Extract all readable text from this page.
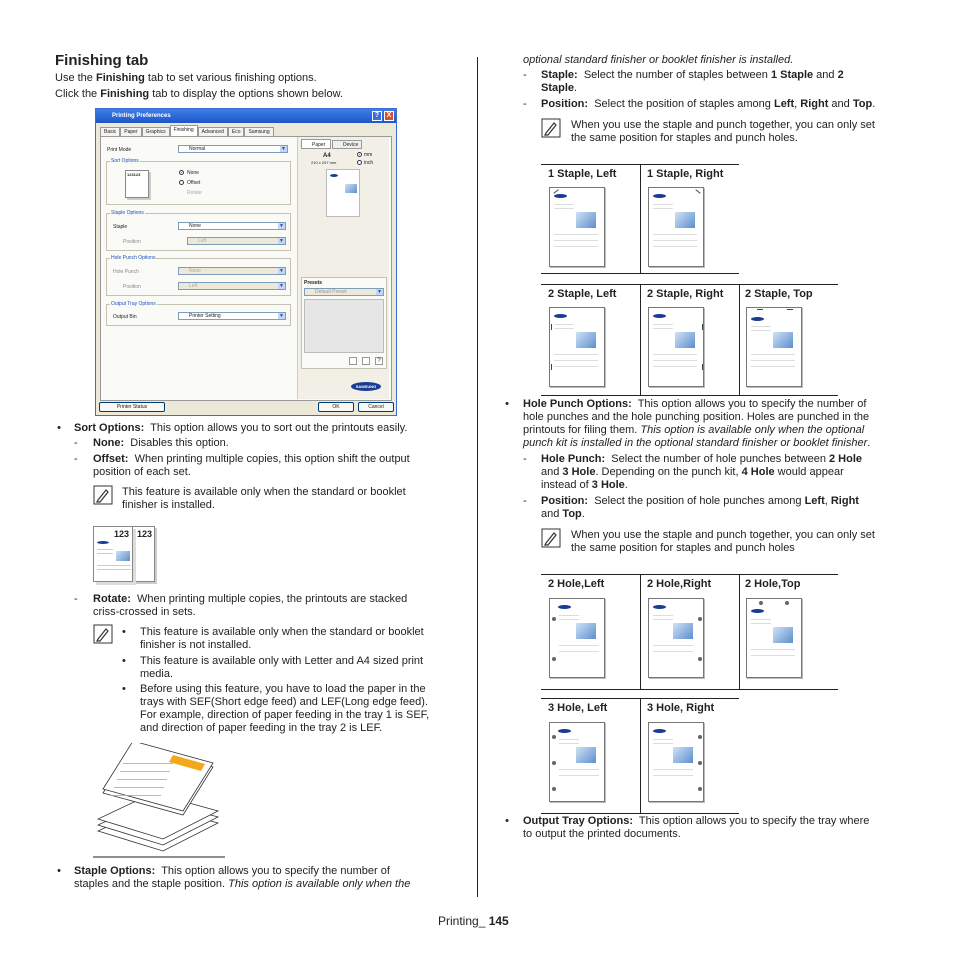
Finishing tab
Use the Finishing tab to set various finishing options.
Click the Finishing tab to display the options shown below.
Printing Preferences	?	X
Basic	Paper	Graphics	Finishing	Advanced	Eco	Samsung
Print Mode	Normal	▼
Sort Options
123123	None
Offset
Rotate
Staple Options
Staple	None	▼
Position	Left	▼
Hole Punch Options
Hole Punch	None	▼
Position	Left	▼
Output Tray Options
Output Bin	Printer Setting	▼
Paper	Device
A4
210 x 297 mm
mm
inch
Presets
Default Preset	▼
?
SAMSUNG
Printer Status	OK	Cancel
• Sort Options: This option allows you to sort out the printouts easily.
- None: Disables this option.
- Offset: When printing multiple copies, this option shift the output
position of each set.
This feature is available only when the standard or booklet
finisher is installed.
123
123
- Rotate: When printing multiple copies, the printouts are stacked
criss-crossed in sets.
• This feature is available only when the standard or booklet
finisher is not installed.
• This feature is available only with Letter and A4 sized print
media.
• Before using this feature, you have to load the paper in the
trays with SEF(Short edge feed) and LEF(Long edge feed).
For example, direction of paper feeding in the tray 1 is SEF,
and direction of paper feeding in the tray 2 is LEF.
• Staple Options: This option allows you to specify the number of
staples and the staple position. This option is available only when the
optional standard finisher or booklet finisher is installed.
- Staple: Select the number of staples between 1 Staple and 2
Staple.
- Position: Select the position of staples among Left, Right and Top.
When you use the staple and punch together, you can only set
the same position for staples and punch holes.
1 Staple, Left	1 Staple, Right
2 Staple, Left	2 Staple, Right 2 Staple, Top
• Hole Punch Options: This option allows you to specify the number of
hole punches and the hole punching position. Holes are punched in the
printouts for filing them. This option is available only when the optional
punch kit is installed in the optional standard finisher or booklet finisher.
- Hole Punch: Select the number of hole punches between 2 Hole
and 3 Hole. Depending on the punch kit, 4 Hole would appear
instead of 3 Hole.
- Position: Select the position of hole punches among Left, Right
and Top.
When you use the staple and punch together, you can only set
the same position for staples and punch holes
2 Hole,Left	2 Hole,Right	2 Hole,Top
3 Hole, Left	3 Hole, Right
• Output Tray Options: This option allows you to specify the tray where
to output the printed documents.
Printing_ 145
